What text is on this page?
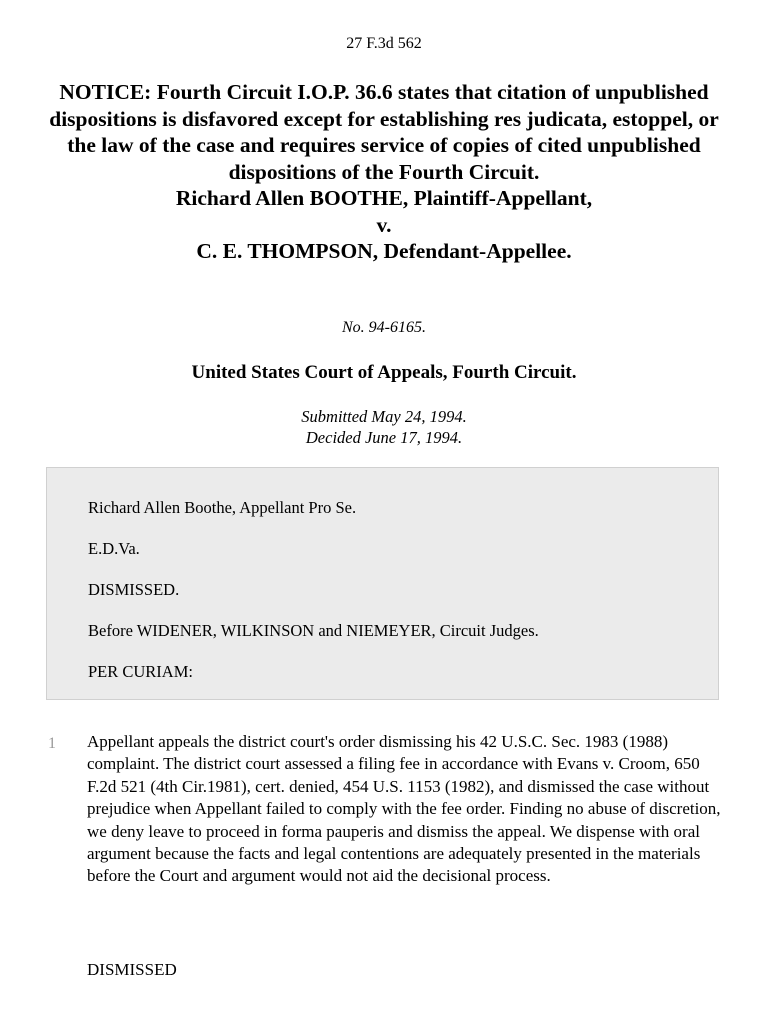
27 F.3d 562
NOTICE: Fourth Circuit I.O.P. 36.6 states that citation of unpublished dispositions is disfavored except for establishing res judicata, estoppel, or the law of the case and requires service of copies of cited unpublished dispositions of the Fourth Circuit.
Richard Allen BOOTHE, Plaintiff-Appellant,
v.
C. E. THOMPSON, Defendant-Appellee.
No. 94-6165.
United States Court of Appeals, Fourth Circuit.
Submitted May 24, 1994.
Decided June 17, 1994.
Richard Allen Boothe, Appellant Pro Se.
E.D.Va.
DISMISSED.
Before WIDENER, WILKINSON and NIEMEYER, Circuit Judges.
PER CURIAM:
1 Appellant appeals the district court's order dismissing his 42 U.S.C. Sec. 1983 (1988) complaint. The district court assessed a filing fee in accordance with Evans v. Croom, 650 F.2d 521 (4th Cir.1981), cert. denied, 454 U.S. 1153 (1982), and dismissed the case without prejudice when Appellant failed to comply with the fee order. Finding no abuse of discretion, we deny leave to proceed in forma pauperis and dismiss the appeal. We dispense with oral argument because the facts and legal contentions are adequately presented in the materials before the Court and argument would not aid the decisional process.
DISMISSED
